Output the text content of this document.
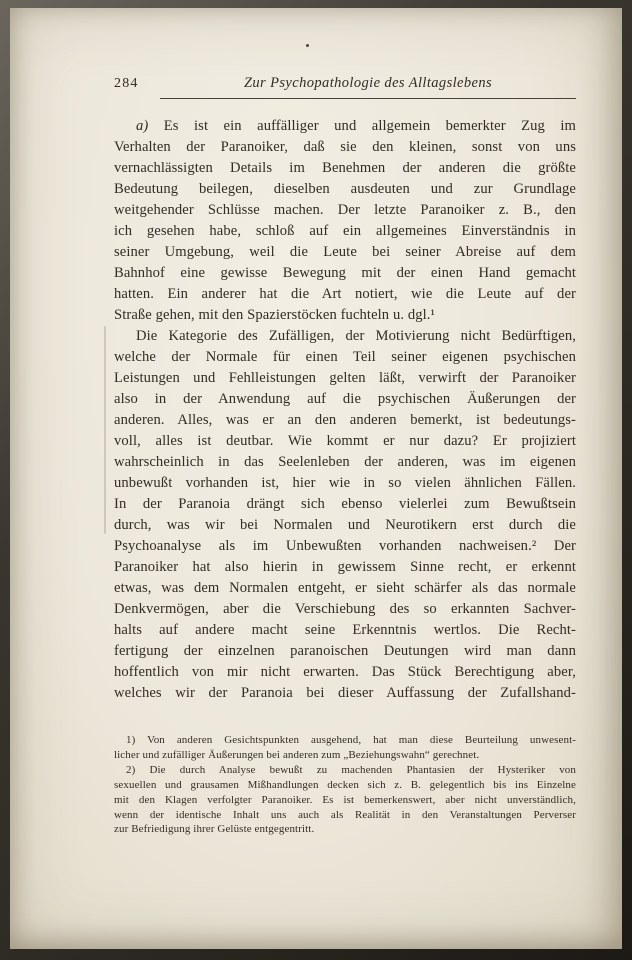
284	Zur Psychopathologie des Alltagslebens
a) Es ist ein auffälliger und allgemein bemerkter Zug im
Verhalten der Paranoiker, daß sie den kleinen, sonst von uns
vernachlässigten Details im Benehmen der anderen die größte
Bedeutung beilegen, dieselben ausdeuten und zur Grundlage
weitgehender Schlüsse machen. Der letzte Paranoiker z. B., den
ich gesehen habe, schloß auf ein allgemeines Einverständnis in
seiner Umgebung, weil die Leute bei seiner Abreise auf dem
Bahnhof eine gewisse Bewegung mit der einen Hand gemacht
hatten. Ein anderer hat die Art notiert, wie die Leute auf der
Straße gehen, mit den Spazierstöcken fuchteln u. dgl.¹
Die Kategorie des Zufälligen, der Motivierung nicht Bedürftigen,
welche der Normale für einen Teil seiner eigenen psychischen
Leistungen und Fehlleistungen gelten läßt, verwirft der Paranoiker
also in der Anwendung auf die psychischen Äußerungen der
anderen. Alles, was er an den anderen bemerkt, ist bedeutungs-
voll, alles ist deutbar. Wie kommt er nur dazu? Er projiziert
wahrscheinlich in das Seelenleben der anderen, was im eigenen
unbewußt vorhanden ist, hier wie in so vielen ähnlichen Fällen.
In der Paranoia drängt sich ebenso vielerlei zum Bewußtsein
durch, was wir bei Normalen und Neurotikern erst durch die
Psychoanalyse als im Unbewußten vorhanden nachweisen.² Der
Paranoiker hat also hierin in gewissem Sinne recht, er erkennt
etwas, was dem Normalen entgeht, er sieht schärfer als das normale
Denkvermögen, aber die Verschiebung des so erkannten Sachver-
halts auf andere macht seine Erkenntnis wertlos. Die Recht-
fertigung der einzelnen paranoischen Deutungen wird man dann
hoffentlich von mir nicht erwarten. Das Stück Berechtigung aber,
welches wir der Paranoia bei dieser Auffassung der Zufallshand-
1) Von anderen Gesichtspunkten ausgehend, hat man diese Beurteilung unwesent-
licher und zufälliger Äußerungen bei anderen zum „Beziehungswahn“ gerechnet.
2) Die durch Analyse bewußt zu machenden Phantasien der Hysteriker von
sexuellen und grausamen Mißhandlungen decken sich z. B. gelegentlich bis ins Einzelne
mit den Klagen verfolgter Paranoiker. Es ist bemerkenswert, aber nicht unverständlich,
wenn der identische Inhalt uns auch als Realität in den Veranstaltungen Perverser
zur Befriedigung ihrer Gelüste entgegentritt.
